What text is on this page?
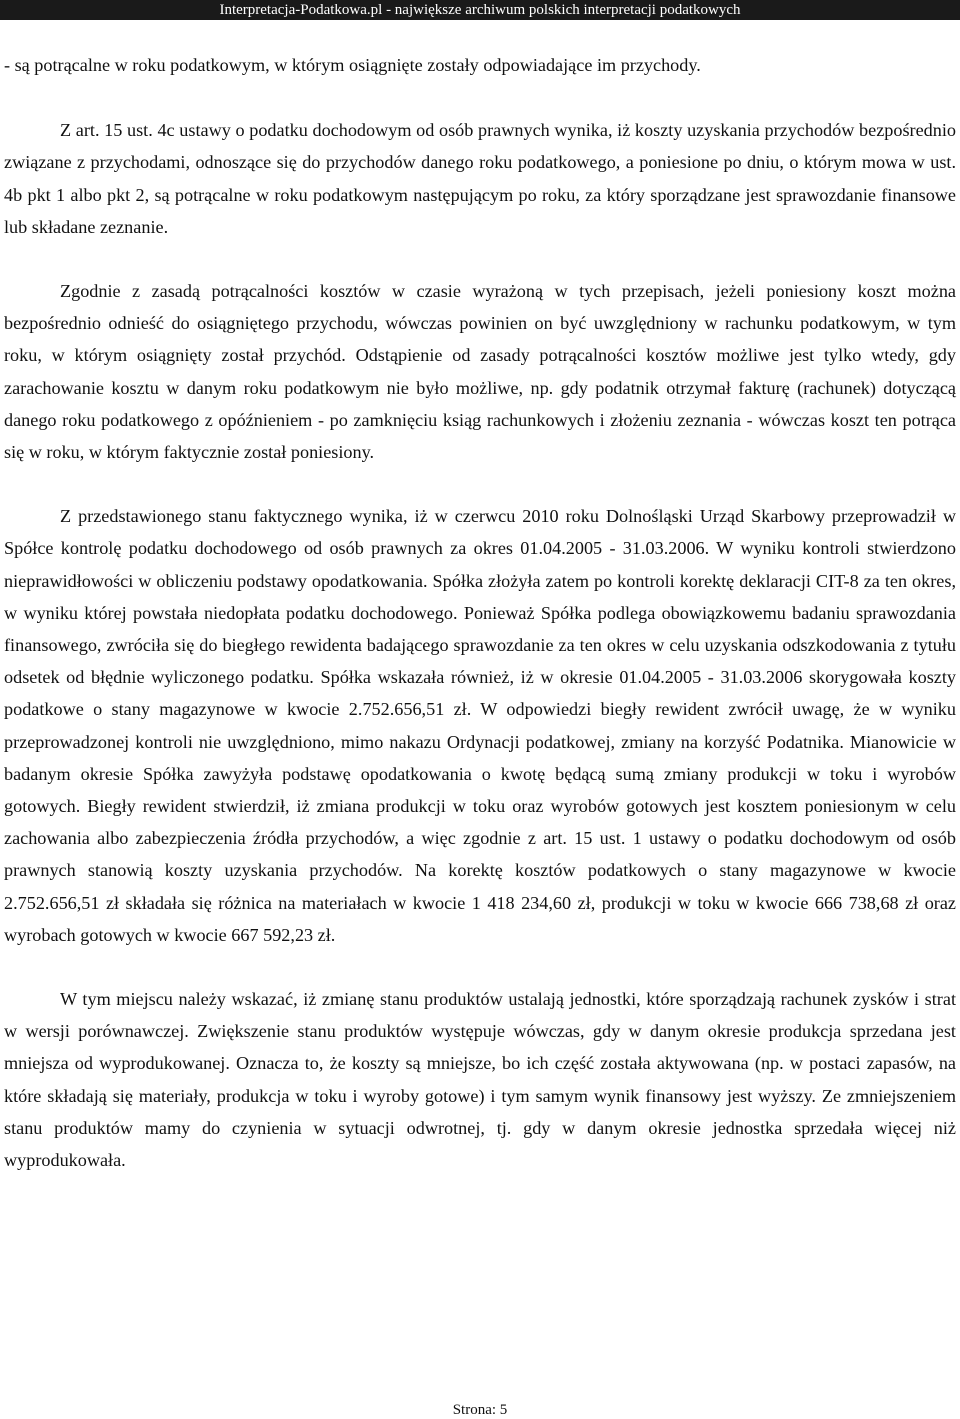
Interpretacja-Podatkowa.pl - największe archiwum polskich interpretacji podatkowych

- są potrącalne w roku podatkowym, w którym osiągnięte zostały odpowiadające im przychody.

Z art. 15 ust. 4c ustawy o podatku dochodowym od osób prawnych wynika, iż koszty uzyskania przychodów bezpośrednio związane z przychodami, odnoszące się do przychodów danego roku podatkowego, a poniesione po dniu, o którym mowa w ust. 4b pkt 1 albo pkt 2, są potrącalne w roku podatkowym następującym po roku, za który sporządzane jest sprawozdanie finansowe lub składane zeznanie.

Zgodnie z zasadą potrącalności kosztów w czasie wyrażoną w tych przepisach, jeżeli poniesiony koszt można bezpośrednio odnieść do osiągniętego przychodu, wówczas powinien on być uwzględniony w rachunku podatkowym, w tym roku, w którym osiągnięty został przychód. Odstąpienie od zasady potrącalności kosztów możliwe jest tylko wtedy, gdy zarachowanie kosztu w danym roku podatkowym nie było możliwe, np. gdy podatnik otrzymał fakturę (rachunek) dotyczącą danego roku podatkowego z opóźnieniem - po zamknięciu ksiąg rachunkowych i złożeniu zeznania - wówczas koszt ten potrąca się w roku, w którym faktycznie został poniesiony.

Z przedstawionego stanu faktycznego wynika, iż w czerwcu 2010 roku Dolnośląski Urząd Skarbowy przeprowadził w Spółce kontrolę podatku dochodowego od osób prawnych za okres 01.04.2005 - 31.03.2006. W wyniku kontroli stwierdzono nieprawidłowości w obliczeniu podstawy opodatkowania. Spółka złożyła zatem po kontroli korektę deklaracji CIT-8 za ten okres, w wyniku której powstała niedopłata podatku dochodowego. Ponieważ Spółka podlega obowiązkowemu badaniu sprawozdania finansowego, zwróciła się do biegłego rewidenta badającego sprawozdanie za ten okres w celu uzyskania odszkodowania z tytułu odsetek od błędnie wyliczonego podatku. Spółka wskazała również, iż w okresie 01.04.2005 - 31.03.2006 skorygowała koszty podatkowe o stany magazynowe w kwocie 2.752.656,51 zł. W odpowiedzi biegły rewident zwrócił uwagę, że w wyniku przeprowadzonej kontroli nie uwzględniono, mimo nakazu Ordynacji podatkowej, zmiany na korzyść Podatnika. Mianowicie w badanym okresie Spółka zawyżyła podstawę opodatkowania o kwotę będącą sumą zmiany produkcji w toku i wyrobów gotowych. Biegły rewident stwierdził, iż zmiana produkcji w toku oraz wyrobów gotowych jest kosztem poniesionym w celu zachowania albo zabezpieczenia źródła przychodów, a więc zgodnie z art. 15 ust. 1 ustawy o podatku dochodowym od osób prawnych stanowią koszty uzyskania przychodów. Na korektę kosztów podatkowych o stany magazynowe w kwocie 2.752.656,51 zł składała się różnica na materiałach w kwocie 1 418 234,60 zł, produkcji w toku w kwocie 666 738,68 zł oraz wyrobach gotowych w kwocie 667 592,23 zł.

W tym miejscu należy wskazać, iż zmianę stanu produktów ustalają jednostki, które sporządzają rachunek zysków i strat w wersji porównawczej. Zwiększenie stanu produktów występuje wówczas, gdy w danym okresie produkcja sprzedana jest mniejsza od wyprodukowanej. Oznacza to, że koszty są mniejsze, bo ich część została aktywowana (np. w postaci zapasów, na które składają się materiały, produkcja w toku i wyroby gotowe) i tym samym wynik finansowy jest wyższy. Ze zmniejszeniem stanu produktów mamy do czynienia w sytuacji odwrotnej, tj. gdy w danym okresie jednostka sprzedała więcej niż wyprodukowała.

Strona: 5
